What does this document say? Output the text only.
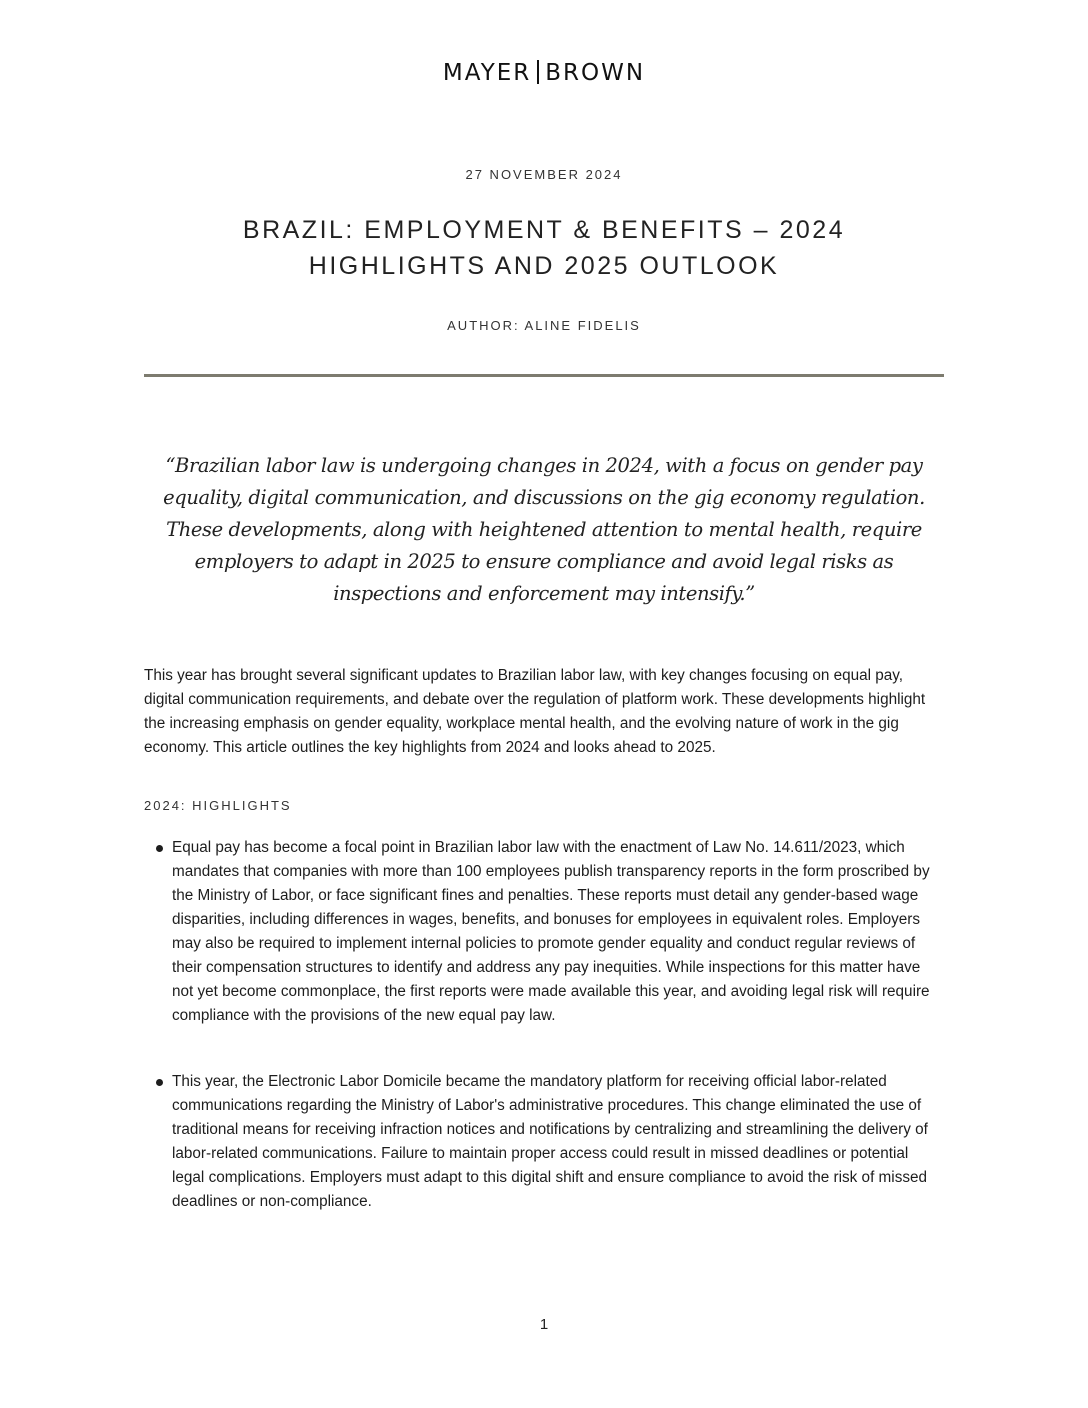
MAYER BROWN
27 NOVEMBER 2024
BRAZIL: EMPLOYMENT & BENEFITS – 2024
HIGHLIGHTS AND 2025 OUTLOOK
AUTHOR: ALINE FIDELIS
“Brazilian labor law is undergoing changes in 2024, with a focus on gender pay equality, digital communication, and discussions on the gig economy regulation. These developments, along with heightened attention to mental health, require employers to adapt in 2025 to ensure compliance and avoid legal risks as inspections and enforcement may intensify.”
This year has brought several significant updates to Brazilian labor law, with key changes focusing on equal pay, digital communication requirements, and debate over the regulation of platform work. These developments highlight the increasing emphasis on gender equality, workplace mental health, and the evolving nature of work in the gig economy. This article outlines the key highlights from 2024 and looks ahead to 2025.
2024: HIGHLIGHTS
Equal pay has become a focal point in Brazilian labor law with the enactment of Law No. 14.611/2023, which mandates that companies with more than 100 employees publish transparency reports in the form proscribed by the Ministry of Labor, or face significant fines and penalties. These reports must detail any gender-based wage disparities, including differences in wages, benefits, and bonuses for employees in equivalent roles. Employers may also be required to implement internal policies to promote gender equality and conduct regular reviews of their compensation structures to identify and address any pay inequities. While inspections for this matter have not yet become commonplace, the first reports were made available this year, and avoiding legal risk will require compliance with the provisions of the new equal pay law.
This year, the Electronic Labor Domicile became the mandatory platform for receiving official labor-related communications regarding the Ministry of Labor's administrative procedures. This change eliminated the use of traditional means for receiving infraction notices and notifications by centralizing and streamlining the delivery of labor-related communications. Failure to maintain proper access could result in missed deadlines or potential legal complications. Employers must adapt to this digital shift and ensure compliance to avoid the risk of missed deadlines or non-compliance.
1
